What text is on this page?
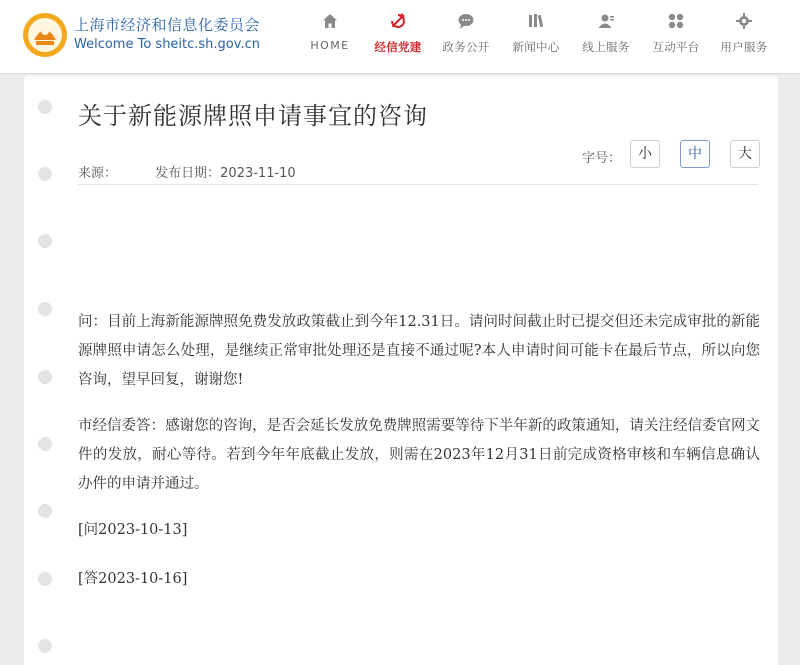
上海市经济和信息化委员会
Welcome To sheitc.sh.gov.cn	HOME	经信党建	政务公开	新闻中心	线上服务	互动平台	用户服务
关于新能源牌照申请事宜的咨询
字号：	小	中	大
来源：	发布日期：2023-11-10

问：目前上海新能源牌照免费发放政策截止到今年12.31日。请问时间截止时已提交但还未完成审批的新能源牌照申请怎么处理，是继续正常审批处理还是直接不通过呢?本人申请时间可能卡在最后节点，所以向您咨询，望早回复，谢谢您!

市经信委答：感谢您的咨询，是否会延长发放免费牌照需要等待下半年新的政策通知，请关注经信委官网文件的发放，耐心等待。若到今年年底截止发放，则需在2023年12月31日前完成资格审核和车辆信息确认办件的申请并通过。

[问2023-10-13]

[答2023-10-16]
